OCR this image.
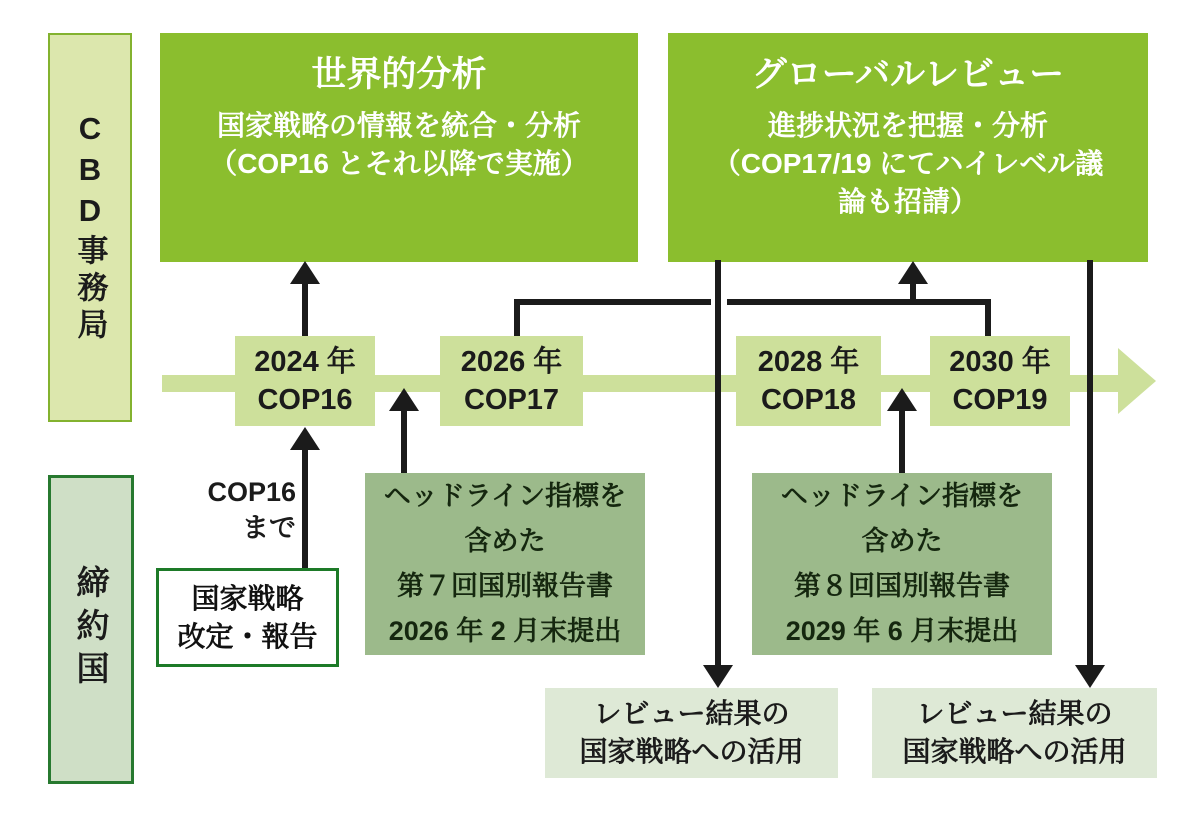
CBD事務局
締約国
世界的分析
国家戦略の情報を統合・分析
（COP16 とそれ以降で実施）
グローバルレビュー
進捗状況を把握・分析
（COP17/19 にてハイレベル議
論も招請）
2024 年
COP16
2026 年
COP17
2028 年
COP18
2030 年
COP19
COP16
まで
国家戦略
改定・報告
ヘッドライン指標を
含めた
第７回国別報告書
2026 年 2 月末提出
ヘッドライン指標を
含めた
第８回国別報告書
2029 年 6 月末提出
レビュー結果の
国家戦略への活用
レビュー結果の
国家戦略への活用
